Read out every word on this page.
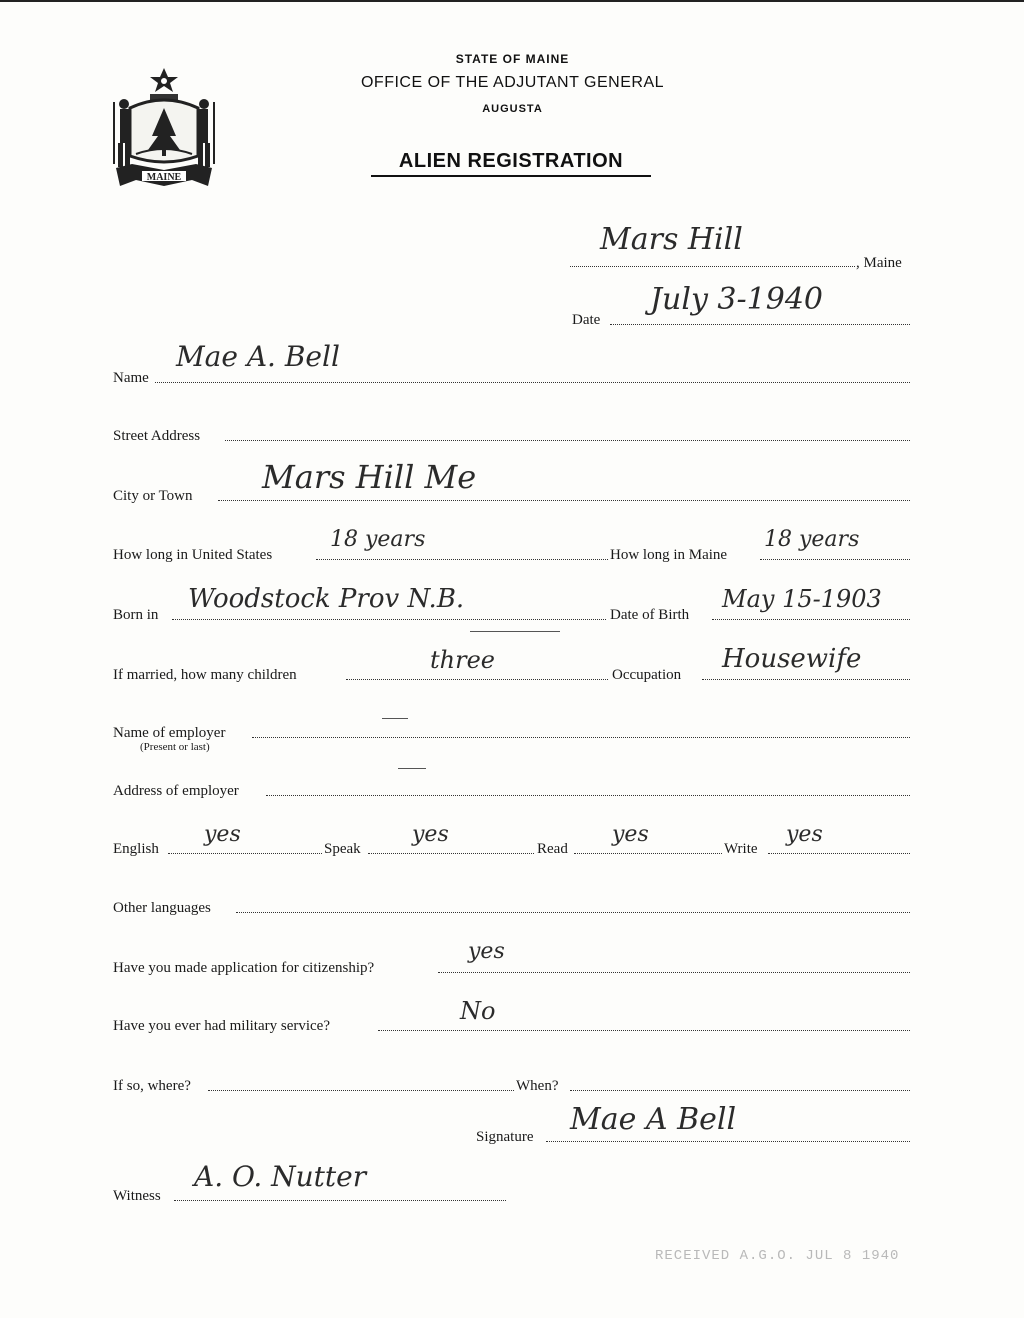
MAINE
STATE OF MAINE
OFFICE OF THE ADJUTANT GENERAL
AUGUSTA
ALIEN REGISTRATION
Mars Hill
, Maine
Date
July 3-1940
Name
Mae A. Bell
Street Address
City or Town Mars Hill Me
How long in United States
18 years
How long in Maine
18 years
Born in
Woodstock Prov N.B.
Date of Birth
May 15-1903
If married, how many children
three
Occupation
Housewife
Name of employer
(Present or last)
Address of employer
English
yes
Speak
yes
Read
yes
Write
yes
Other languages
Have you made application for citizenship?
yes
Have you ever had military service?
No
If so, where?	When?
Signature Mae A Bell
Witness
A. O. Nutter
RECEIVED A.G.O. JUL 8 1940
